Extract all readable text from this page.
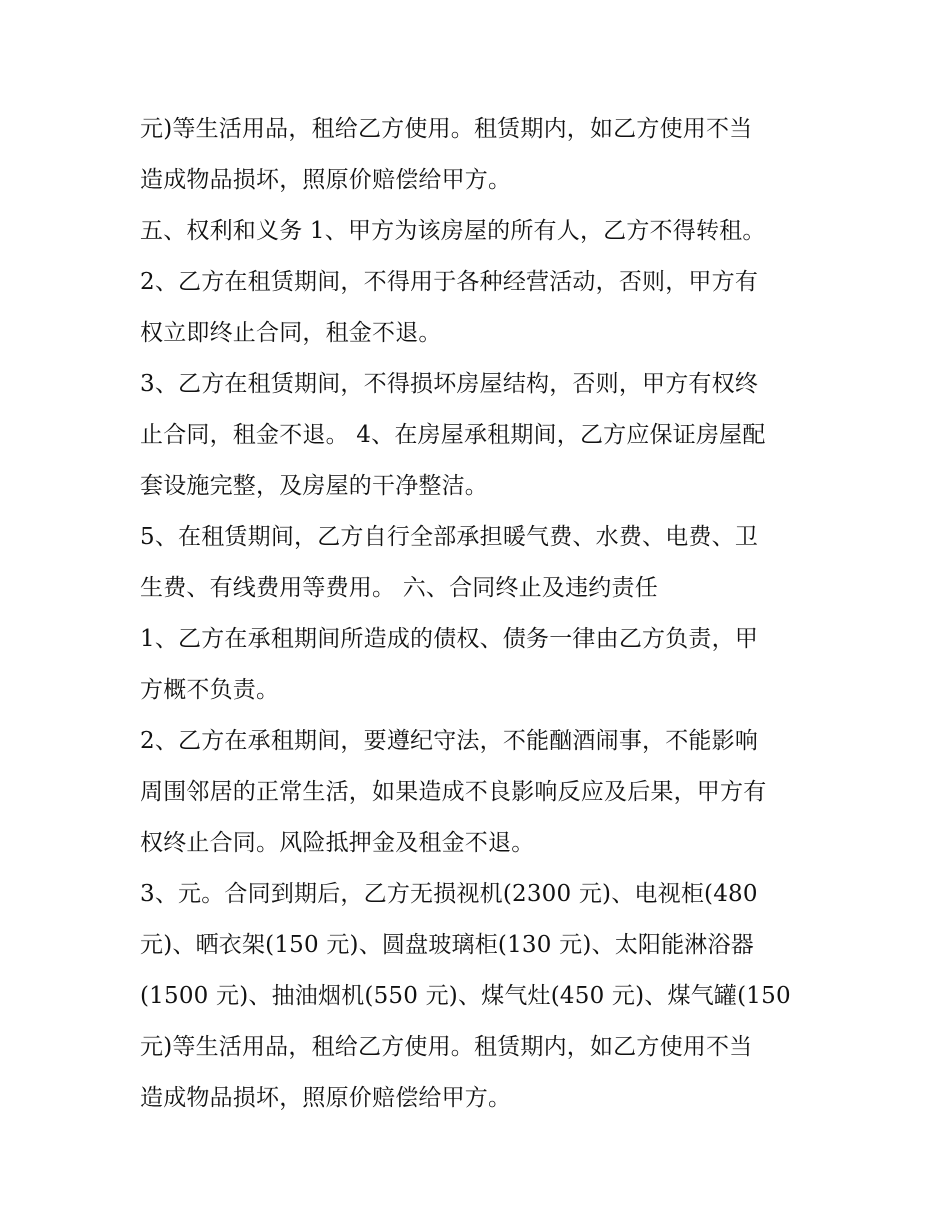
元)等生活用品，租给乙方使用。租赁期内，如乙方使用不当
造成物品损坏，照原价赔偿给甲方。
五、权利和义务 1、甲方为该房屋的所有人，乙方不得转租。
2、乙方在租赁期间，不得用于各种经营活动，否则，甲方有
权立即终止合同，租金不退。
3、乙方在租赁期间，不得损坏房屋结构，否则，甲方有权终
止合同，租金不退。 4、在房屋承租期间，乙方应保证房屋配
套设施完整，及房屋的干净整洁。
5、在租赁期间，乙方自行全部承担暖气费、水费、电费、卫
生费、有线费用等费用。 六、合同终止及违约责任
1、乙方在承租期间所造成的债权、债务一律由乙方负责，甲
方概不负责。
2、乙方在承租期间，要遵纪守法，不能酗酒闹事，不能影响
周围邻居的正常生活，如果造成不良影响反应及后果，甲方有
权终止合同。风险抵押金及租金不退。
3、元。合同到期后，乙方无损视机(2300 元)、电视柜(480
元)、晒衣架(150 元)、圆盘玻璃柜(130 元)、太阳能淋浴器
(1500 元)、抽油烟机(550 元)、煤气灶(450 元)、煤气罐(150
元)等生活用品，租给乙方使用。租赁期内，如乙方使用不当
造成物品损坏，照原价赔偿给甲方。
